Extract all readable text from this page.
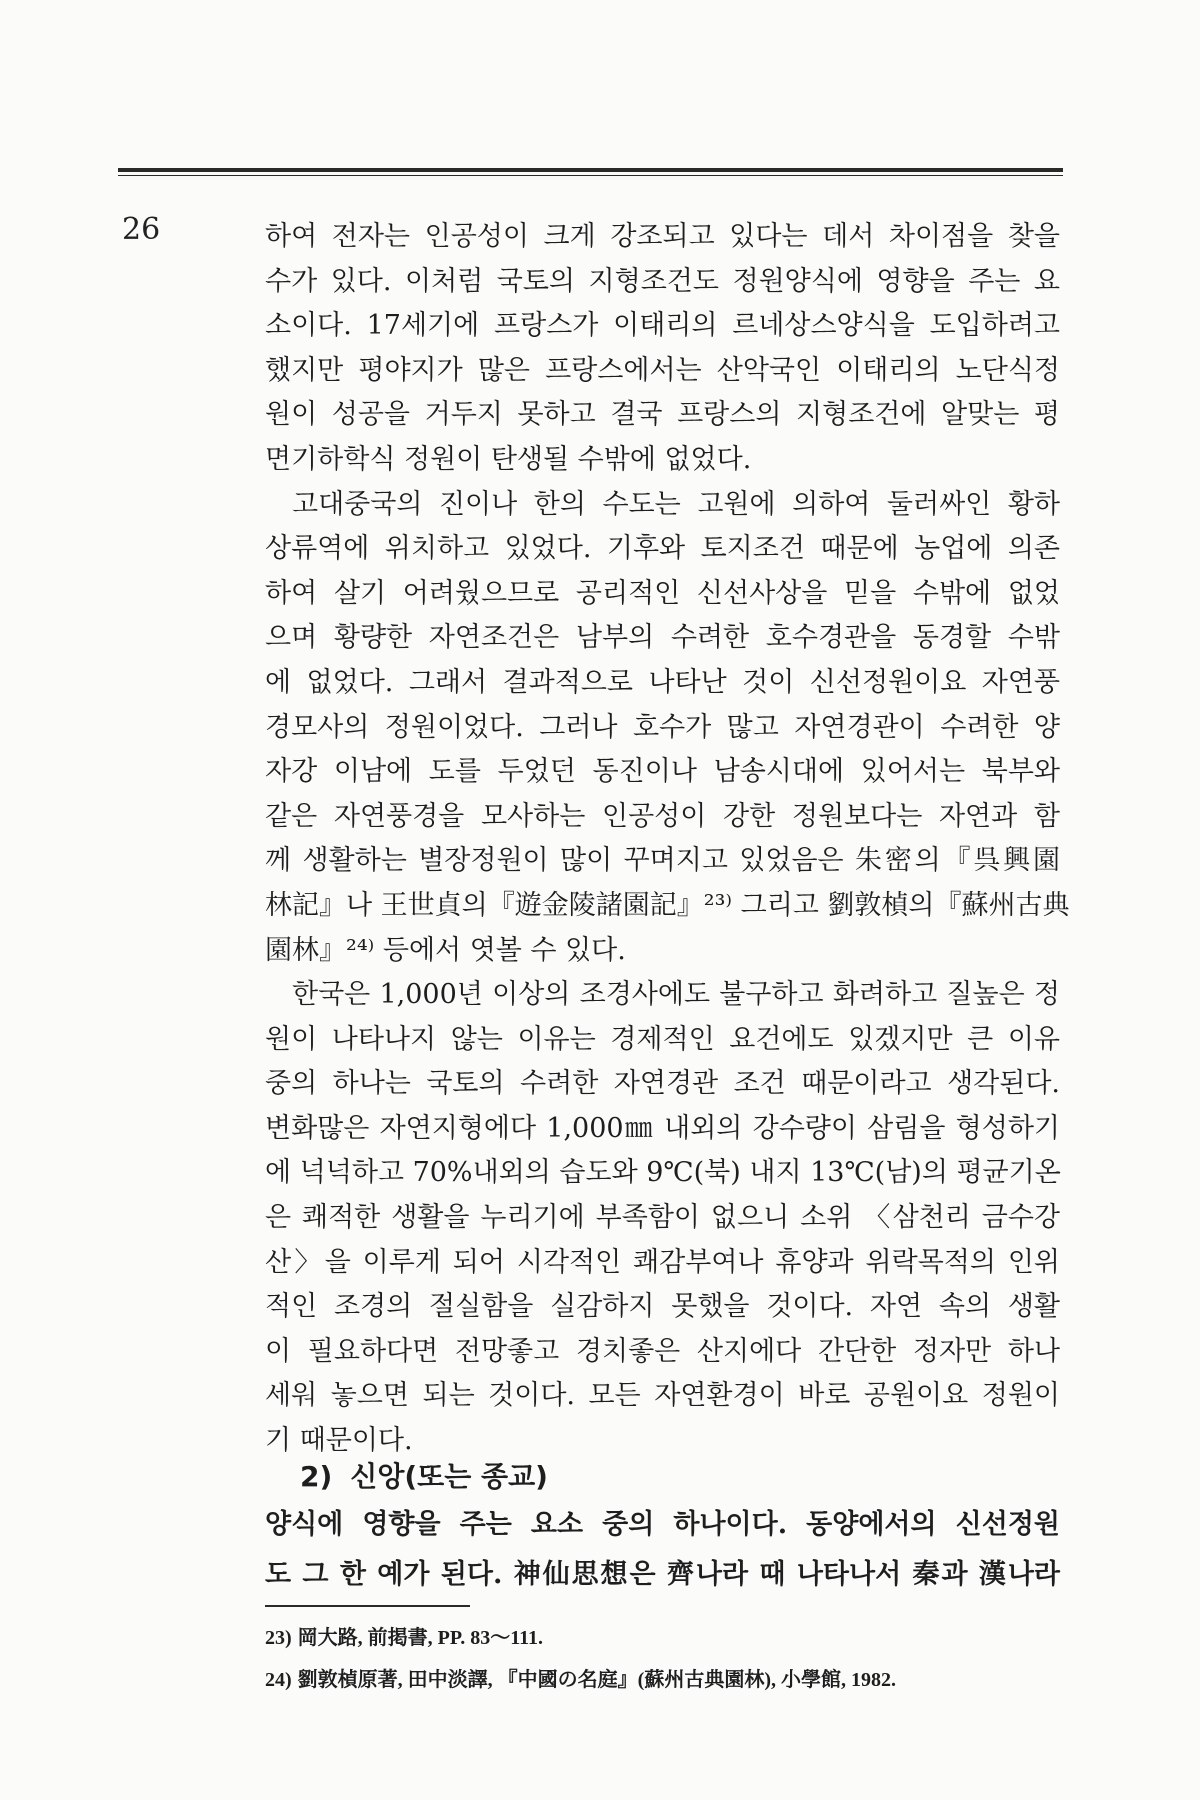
26	하여 전자는 인공성이 크게 강조되고 있다는 데서 차이점을 찾을
수가 있다. 이처럼 국토의 지형조건도 정원양식에 영향을 주는 요
소이다. 17세기에 프랑스가 이태리의 르네상스양식을 도입하려고
했지만 평야지가 많은 프랑스에서는 산악국인 이태리의 노단식정
원이 성공을 거두지 못하고 결국 프랑스의 지형조건에 알맞는 평
면기하학식 정원이 탄생될 수밖에 없었다.
고대중국의 진이나 한의 수도는 고원에 의하여 둘러싸인 황하
상류역에 위치하고 있었다. 기후와 토지조건 때문에 농업에 의존
하여 살기 어려웠으므로 공리적인 신선사상을 믿을 수밖에 없었
으며 황량한 자연조건은 남부의 수려한 호수경관을 동경할 수밖
에 없었다. 그래서 결과적으로 나타난 것이 신선정원이요 자연풍
경모사의 정원이었다. 그러나 호수가 많고 자연경관이 수려한 양
자강 이남에 도를 두었던 동진이나 남송시대에 있어서는 북부와
같은 자연풍경을 모사하는 인공성이 강한 정원보다는 자연과 함
께 생활하는 별장정원이 많이 꾸며지고 있었음은 朱密의『呉興園
林記』나 王世貞의『遊金陵諸園記』²³⁾ 그리고 劉敦楨의『蘇州古典
園林』²⁴⁾ 등에서 엿볼 수 있다.
한국은 1,000년 이상의 조경사에도 불구하고 화려하고 질높은 정
원이 나타나지 않는 이유는 경제적인 요건에도 있겠지만 큰 이유
중의 하나는 국토의 수려한 자연경관 조건 때문이라고 생각된다.
변화많은 자연지형에다 1,000㎜ 내외의 강수량이 삼림을 형성하기
에 넉넉하고 70%내외의 습도와 9℃(북) 내지 13℃(남)의 평균기온
은 쾌적한 생활을 누리기에 부족함이 없으니 소위 〈삼천리 금수강
산〉을 이루게 되어 시각적인 쾌감부여나 휴양과 위락목적의 인위
적인 조경의 절실함을 실감하지 못했을 것이다. 자연 속의 생활
이 필요하다면 전망좋고 경치좋은 산지에다 간단한 정자만 하나
세워 놓으면 되는 것이다. 모든 자연환경이 바로 공원이요 정원이
기 때문이다.
2) 신앙(또는 종교)
양식에 영향을 주는 요소 중의 하나이다. 동양에서의 신선정원
도 그 한 예가 된다. 神仙思想은 齊나라 때 나타나서 秦과 漢나라
23) 岡大路, 前掲書, PP. 83～111.
24) 劉敦楨原著, 田中淡譯, 『中國の名庭』(蘇州古典園林), 小學館, 1982.
